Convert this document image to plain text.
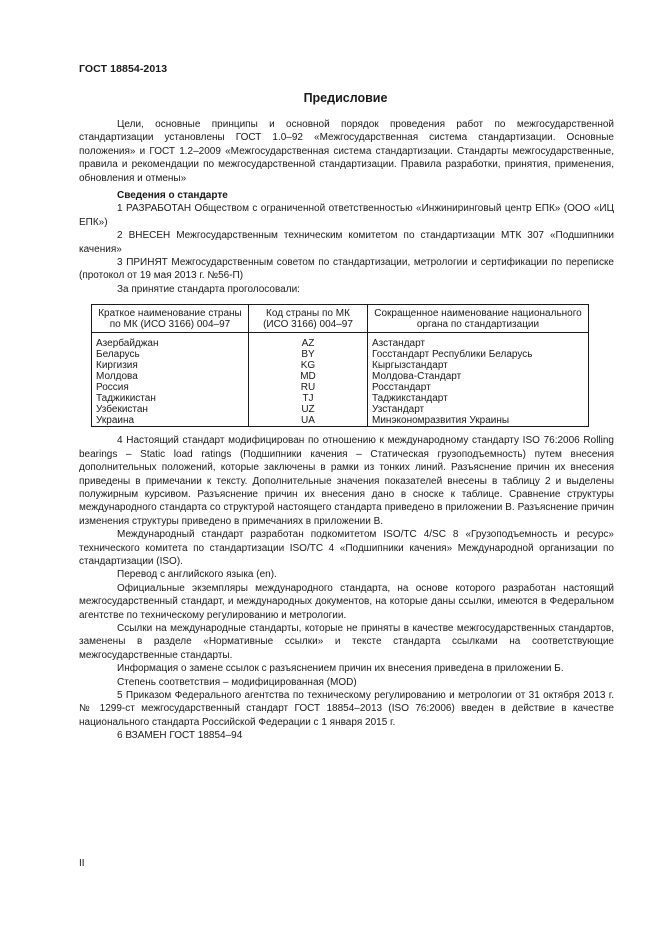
ГОСТ 18854-2013
Предисловие

Цели, основные принципы и основной порядок проведения работ по межгосударственной стандартизации установлены ГОСТ 1.0–92 «Межгосударственная система стандартизации. Основные положения» и ГОСТ 1.2–2009 «Межгосударственная система стандартизации. Стандарты межгосударственные, правила и рекомендации по межгосударственной стандартизации. Правила разработки, принятия, применения, обновления и отмены»

Сведения о стандарте

1 РАЗРАБОТАН Обществом с ограниченной ответственностью «Инжиниринговый центр ЕПК» (ООО «ИЦ ЕПК»)

2 ВНЕСЕН Межгосударственным техническим комитетом по стандартизации МТК 307 «Подшипники качения»

3 ПРИНЯТ Межгосударственным советом по стандартизации, метрологии и сертификации по переписке (протокол от 19 мая 2013 г. №56-П)

За принятие стандарта проголосовали:

Краткое наименование страны по МК (ИСО 3166) 004–97	Код страны по МК (ИСО 3166) 004–97	Сокращенное наименование национального органа по стандартизации
Азербайджан	AZ	Азстандарт
Беларусь	BY	Госстандарт Республики Беларусь
Киргизия	KG	Кыргызстандарт
Молдова	MD	Молдова-Стандарт
Россия	RU	Росстандарт
Таджикистан	TJ	Таджикстандарт
Узбекистан	UZ	Узстандарт
Украина	UA	Минэкономразвития Украины

4 Настоящий стандарт модифицирован по отношению к международному стандарту ISO 76:2006 Rolling bearings – Static load ratings (Подшипники качения – Статическая грузоподъемность) путем внесения дополнительных положений, которые заключены в рамки из тонких линий. Разъяснение причин их внесения приведены в примечании к тексту. Дополнительные значения показателей внесены в таблицу 2 и выделены полужирным курсивом. Разъяснение причин их внесения дано в сноске к таблице. Сравнение структуры международного стандарта со структурой настоящего стандарта приведено в приложении В. Разъяснение причин изменения структуры приведено в примечаниях в приложении В.

Международный стандарт разработан подкомитетом ISO/TC 4/SC 8 «Грузоподъемность и ресурс» технического комитета по стандартизации ISO/TC 4 «Подшипники качения» Международной организации по стандартизации (ISO).

Перевод с английского языка (en).

Официальные экземпляры международного стандарта, на основе которого разработан настоящий межгосударственный стандарт, и международных документов, на которые даны ссылки, имеются в Федеральном агентстве по техническому регулированию и метрологии.

Ссылки на международные стандарты, которые не приняты в качестве межгосударственных стандартов, заменены в разделе «Нормативные ссылки» и тексте стандарта ссылками на соответствующие межгосударственные стандарты.

Информация о замене ссылок с разъяснением причин их внесения приведена в приложении Б.

Степень соответствия – модифицированная (MOD)

5 Приказом Федерального агентства по техническому регулированию и метрологии от 31 октября 2013 г. № 1299-ст межгосударственный стандарт ГОСТ 18854–2013 (ISO 76:2006) введен в действие в качестве национального стандарта Российской Федерации с 1 января 2015 г.

6 ВЗАМЕН ГОСТ 18854–94

II
